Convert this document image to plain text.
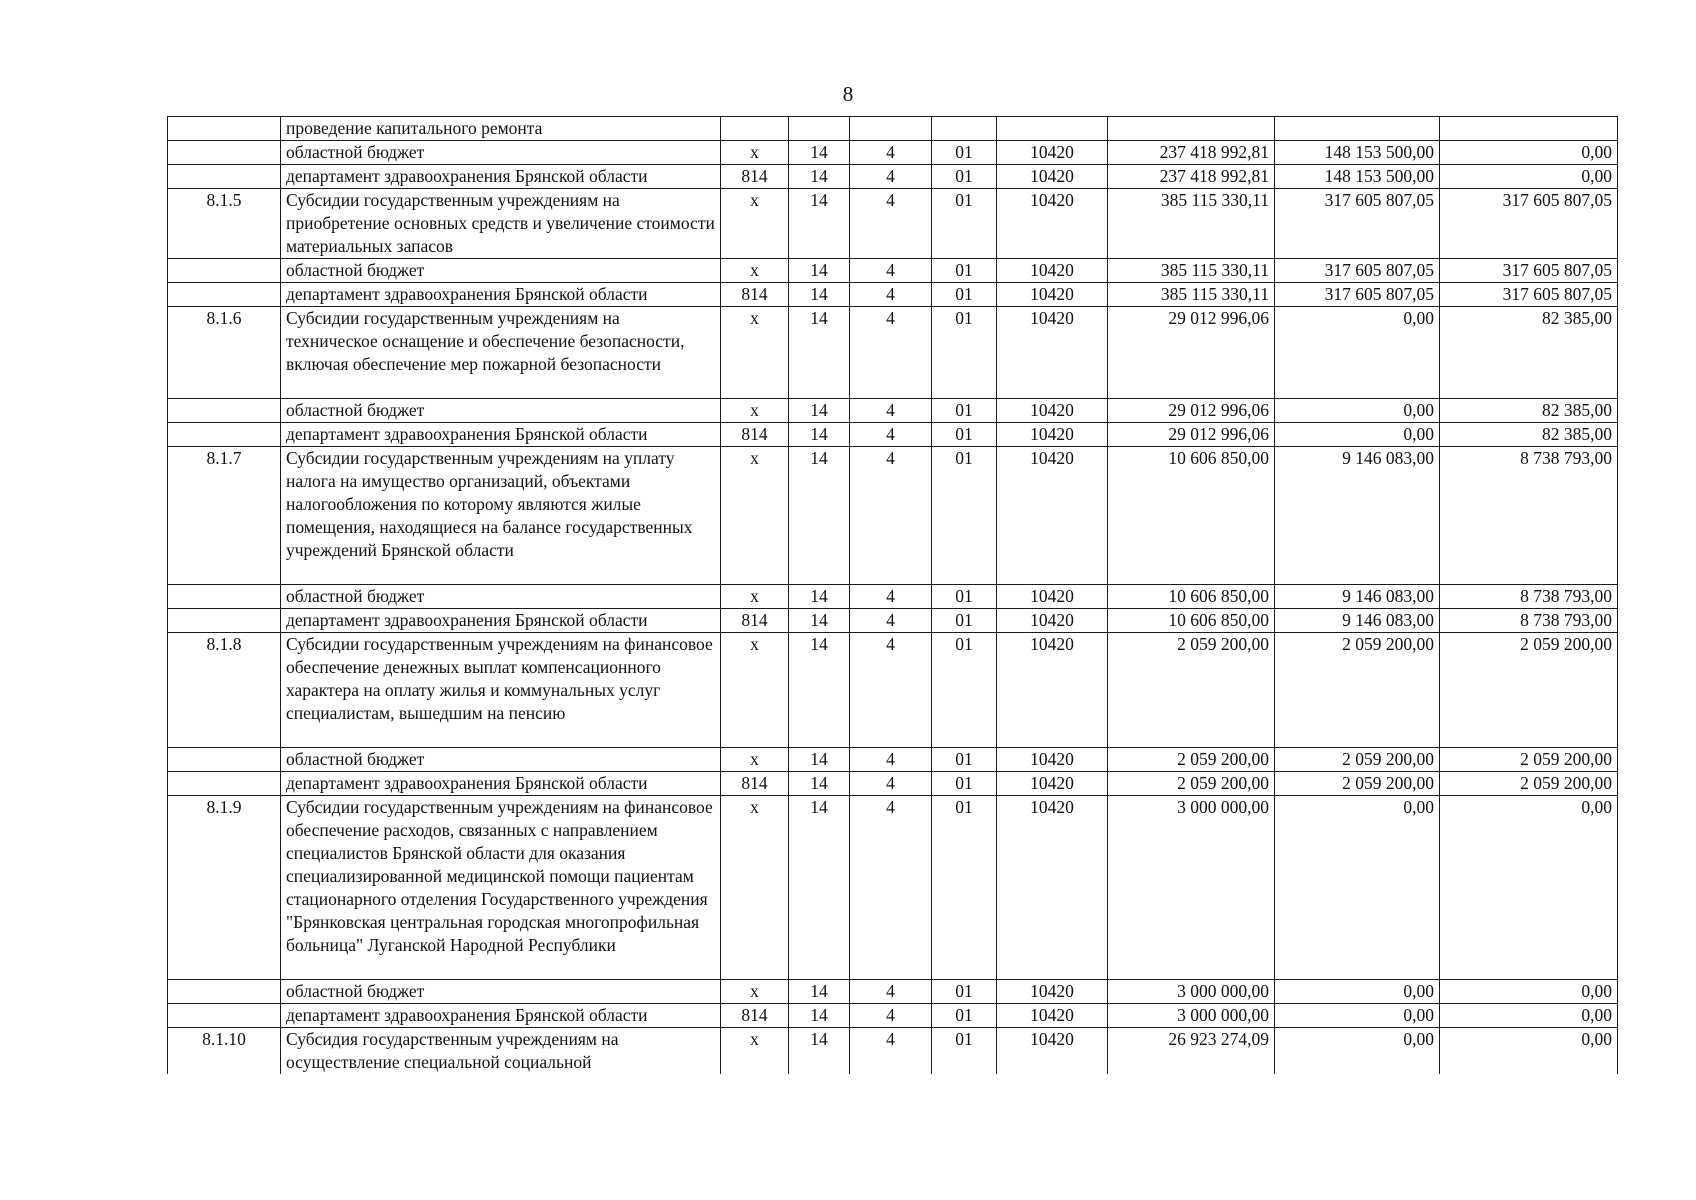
8
	проведение капитального ремонта								
	областной бюджет	х	14	4	01	10420	237 418 992,81	148 153 500,00	0,00
	департамент здравоохранения Брянской области	814	14	4	01	10420	237 418 992,81	148 153 500,00	0,00
8.1.5	Субсидии государственным учреждениям на приобретение основных средств и увеличение стоимости материальных запасов	х	14	4	01	10420	385 115 330,11	317 605 807,05	317 605 807,05
	областной бюджет	х	14	4	01	10420	385 115 330,11	317 605 807,05	317 605 807,05
	департамент здравоохранения Брянской области	814	14	4	01	10420	385 115 330,11	317 605 807,05	317 605 807,05
8.1.6	Субсидии государственным учреждениям на техническое оснащение и обеспечение безопасности, включая обеспечение мер пожарной безопасности	х	14	4	01	10420	29 012 996,06	0,00	82 385,00
	областной бюджет	х	14	4	01	10420	29 012 996,06	0,00	82 385,00
	департамент здравоохранения Брянской области	814	14	4	01	10420	29 012 996,06	0,00	82 385,00
8.1.7	Субсидии государственным учреждениям на уплату налога на имущество организаций, объектами налогообложения по которому являются жилые помещения, находящиеся на балансе государственных учреждений Брянской области	х	14	4	01	10420	10 606 850,00	9 146 083,00	8 738 793,00
	областной бюджет	х	14	4	01	10420	10 606 850,00	9 146 083,00	8 738 793,00
	департамент здравоохранения Брянской области	814	14	4	01	10420	10 606 850,00	9 146 083,00	8 738 793,00
8.1.8	Субсидии государственным учреждениям на финансовое обеспечение денежных выплат компенсационного характера на оплату жилья и коммунальных услуг специалистам, вышедшим на пенсию	х	14	4	01	10420	2 059 200,00	2 059 200,00	2 059 200,00
	областной бюджет	х	14	4	01	10420	2 059 200,00	2 059 200,00	2 059 200,00
	департамент здравоохранения Брянской области	814	14	4	01	10420	2 059 200,00	2 059 200,00	2 059 200,00
8.1.9	Субсидии государственным учреждениям на финансовое обеспечение расходов, связанных с направлением специалистов Брянской области для оказания специализированной медицинской помощи пациентам стационарного отделения Государственного учреждения "Брянковская центральная городская многопрофильная больница" Луганской Народной Республики	х	14	4	01	10420	3 000 000,00	0,00	0,00
	областной бюджет	х	14	4	01	10420	3 000 000,00	0,00	0,00
	департамент здравоохранения Брянской области	814	14	4	01	10420	3 000 000,00	0,00	0,00
8.1.10	Субсидия государственным учреждениям на осуществление специальной социальной	х	14	4	01	10420	26 923 274,09	0,00	0,00
